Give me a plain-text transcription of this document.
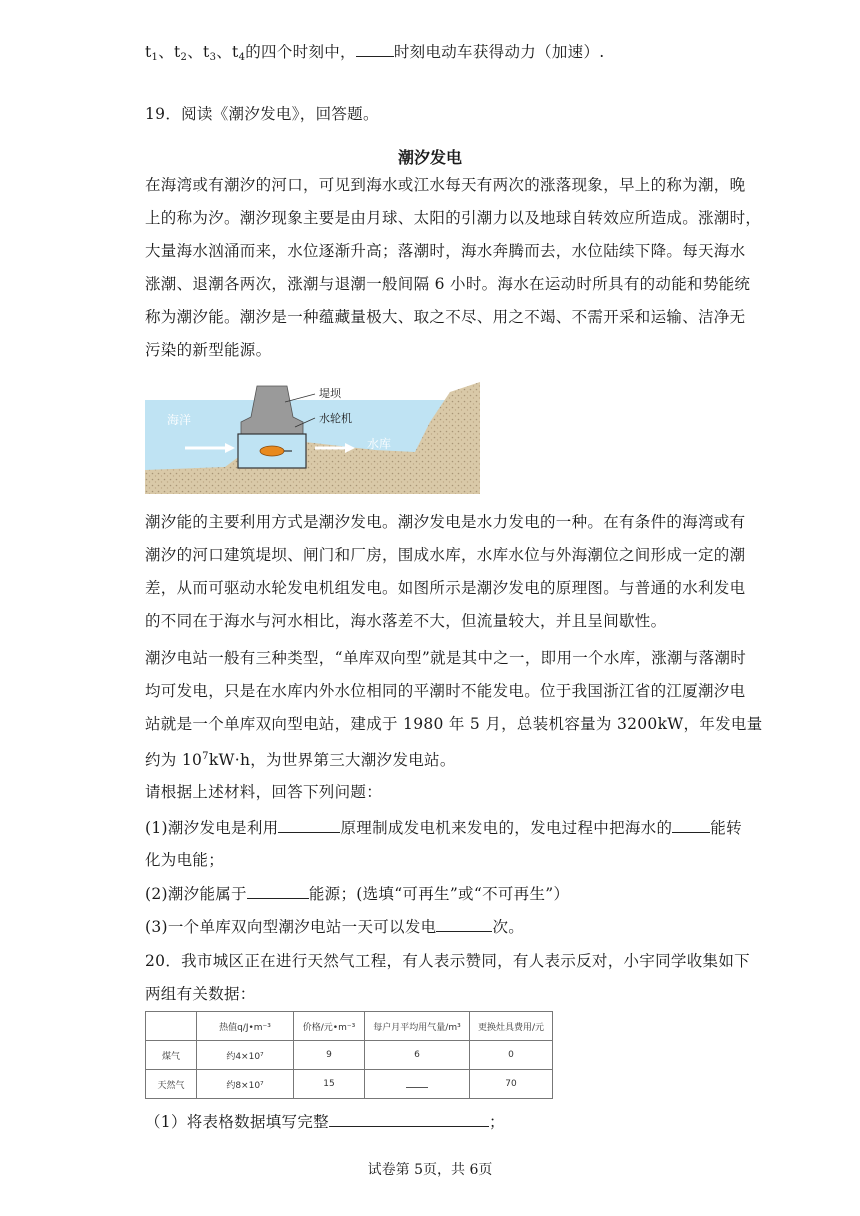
$t_1$、$t_2$、$t_3$、$t_4$的四个时刻中， 时刻电动车获得动力（加速）.
19．阅读《潮汐发电》，回答题。
潮汐发电
在海湾或有潮汐的河口，可见到海水或江水每天有两次的涨落现象，早上的称为潮，晚
上的称为汐。潮汐现象主要是由月球、太阳的引潮力以及地球自转效应所造成。涨潮时，
大量海水汹涌而来，水位逐渐升高；落潮时，海水奔腾而去，水位陆续下降。每天海水
涨潮、退潮各两次，涨潮与退潮一般间隔 6 小时。海水在运动时所具有的动能和势能统
称为潮汐能。潮汐是一种蕴藏量极大、取之不尽、用之不竭、不需开采和运输、洁净无
污染的新型能源。
堤坝
水轮机
海洋
水库
潮汐能的主要利用方式是潮汐发电。潮汐发电是水力发电的一种。在有条件的海湾或有
潮汐的河口建筑堤坝、闸门和厂房，围成水库，水库水位与外海潮位之间形成一定的潮
差，从而可驱动水轮发电机组发电。如图所示是潮汐发电的原理图。与普通的水利发电
的不同在于海水与河水相比，海水落差不大，但流量较大，并且呈间歇性。
潮汐电站一般有三种类型，“单库双向型”就是其中之一，即用一个水库，涨潮与落潮时
均可发电，只是在水库内外水位相同的平潮时不能发电。位于我国浙江省的江厦潮汐电
站就是一个单库双向型电站，建成于 1980 年 5 月，总装机容量为 3200kW，年发电量
约为 $10^7kW\cdot h$，为世界第三大潮汐发电站。
请根据上述材料，回答下列问题：
(1)潮汐发电是利用	原理制成发电机来发电的，发电过程中把海水的 能转
化为电能；
(2)潮汐能属于	能源；(选填“可再生”或“不可再生”）
(3)一个单库双向型潮汐电站一天可以发电	次。
20．我市城区正在进行天然气工程，有人表示赞同，有人表示反对，小宇同学收集如下
两组有关数据：
	热值q/J•m⁻³	价格/元•m⁻³	每户月平均用气量/m³	更换灶具费用/元
煤气	约4×10⁷	9	6	0
天然气	约8×10⁷	15		70
（1）将表格数据填写完整	；
试卷第 5页，共 6页
